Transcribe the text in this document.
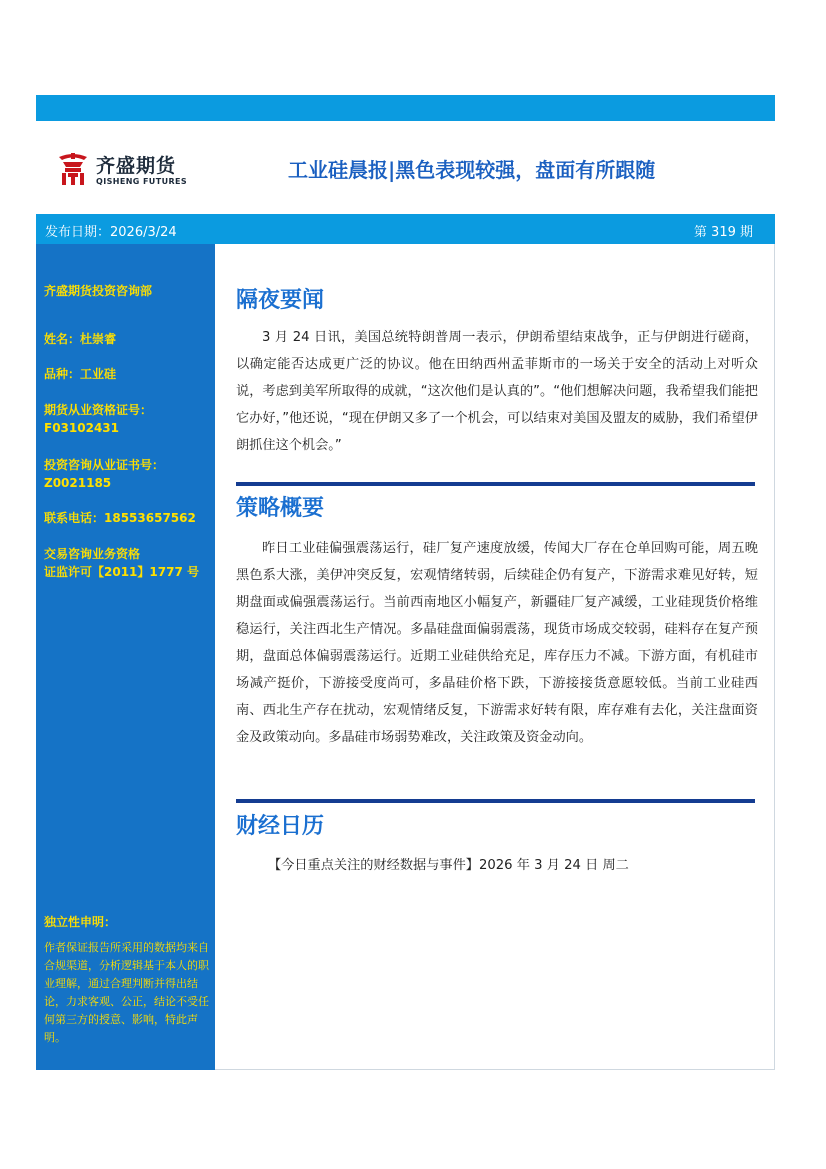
齐盛期货
QISHENG FUTURES	工业硅晨报|黑色表现较强，盘面有所跟随
发布日期：2026/3/24	第 319 期
齐盛期货投资咨询部
姓名：杜崇睿
品种：工业硅
期货从业资格证号：
F03102431
投资咨询从业证书号：
Z0021185
联系电话：18553657562
交易咨询业务资格
证监许可【2011】1777 号
独立性申明：
作者保证报告所采用的数据均来自合规渠道，分析逻辑基于本人的职业理解，通过合理判断并得出结论，力求客观、公正，结论不受任何第三方的授意、影响，特此声明。
隔夜要闻
3 月 24 日讯，美国总统特朗普周一表示，伊朗希望结束战争，正与伊朗进行磋商，以确定能否达成更广泛的协议。他在田纳西州孟菲斯市的一场关于安全的活动上对听众说，考虑到美军所取得的成就，“这次他们是认真的”。“他们想解决问题，我希望我们能把它办好，”他还说，“现在伊朗又多了一个机会，可以结束对美国及盟友的威胁，我们希望伊朗抓住这个机会。”
策略概要
昨日工业硅偏强震荡运行，硅厂复产速度放缓，传闻大厂存在仓单回购可能，周五晚黑色系大涨，美伊冲突反复，宏观情绪转弱，后续硅企仍有复产，下游需求难见好转，短期盘面或偏强震荡运行。当前西南地区小幅复产，新疆硅厂复产减缓，工业硅现货价格维稳运行，关注西北生产情况。多晶硅盘面偏弱震荡，现货市场成交较弱，硅料存在复产预期，盘面总体偏弱震荡运行。近期工业硅供给充足，库存压力不减。下游方面，有机硅市场减产挺价，下游接受度尚可，多晶硅价格下跌，下游接接货意愿较低。当前工业硅西南、西北生产存在扰动，宏观情绪反复，下游需求好转有限，库存难有去化，关注盘面资金及政策动向。多晶硅市场弱势难改，关注政策及资金动向。
财经日历
【今日重点关注的财经数据与事件】2026 年 3 月 24 日 周二
